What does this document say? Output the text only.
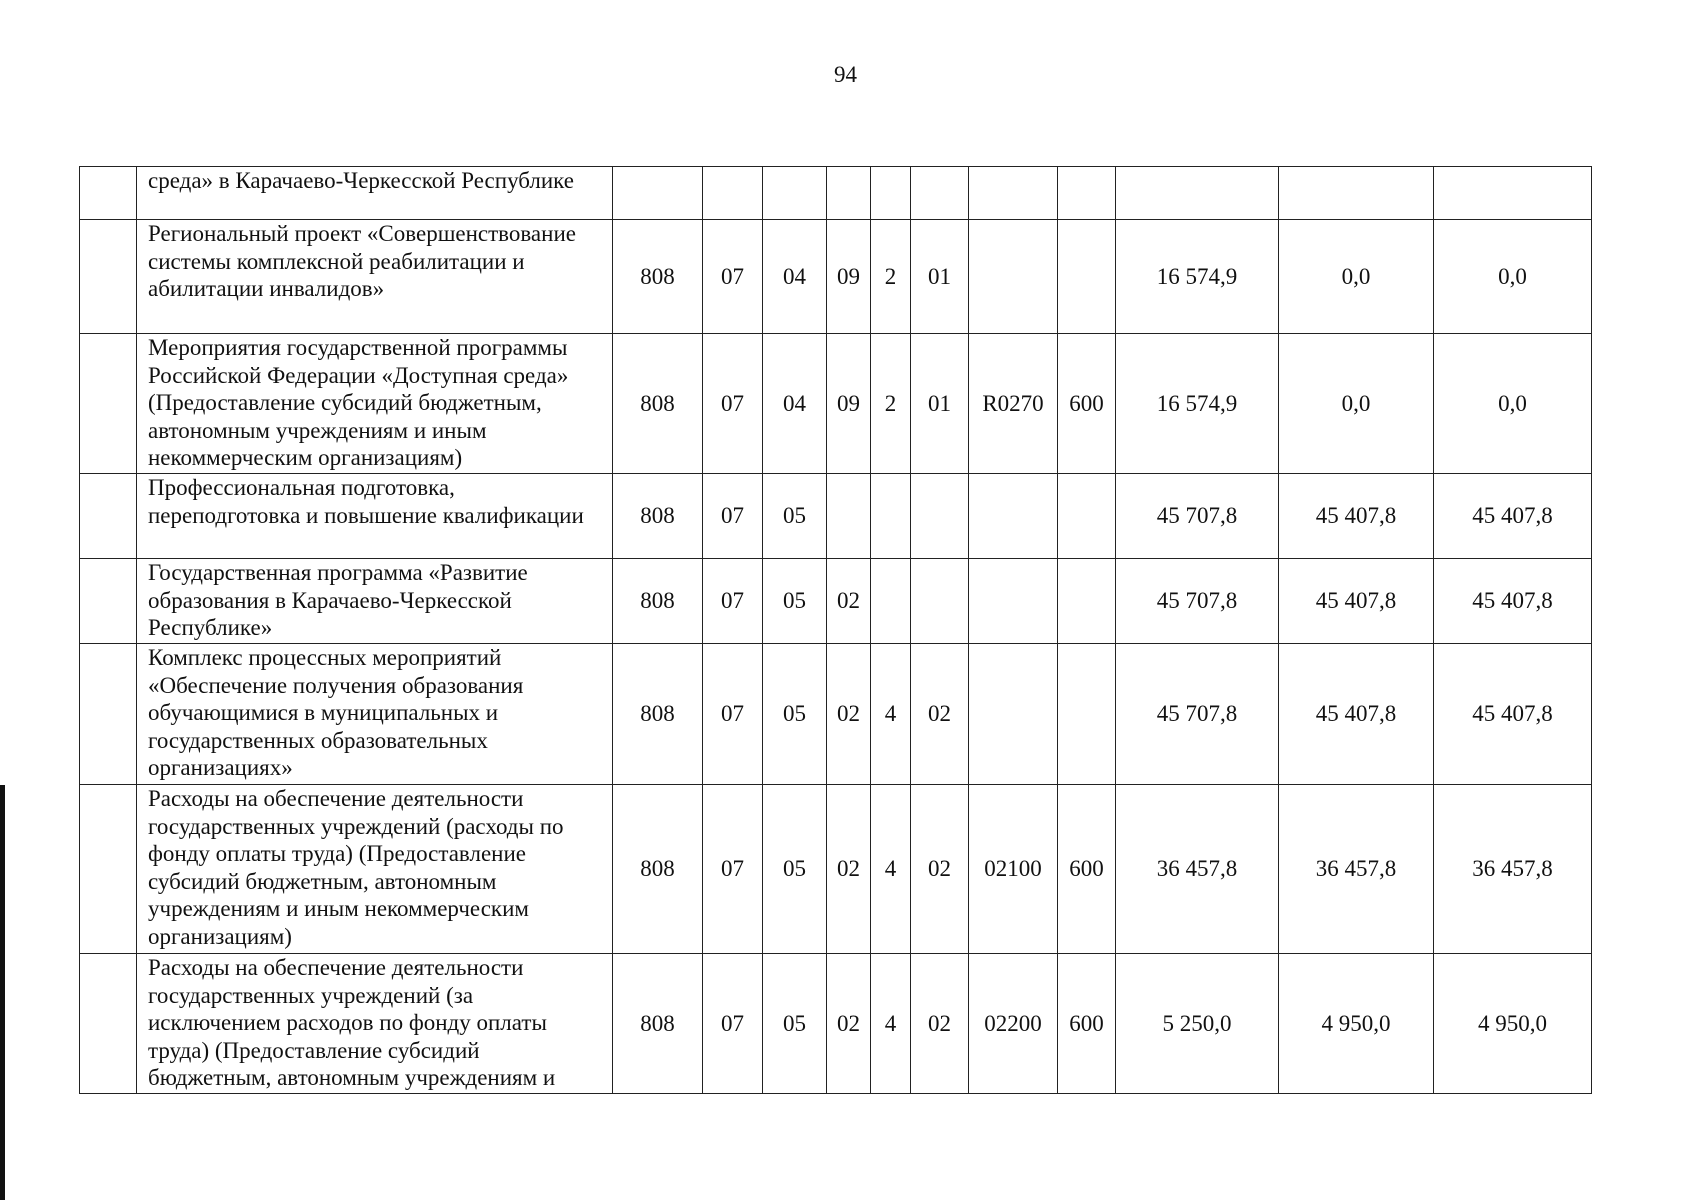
94
	среда» в Карачаево-Черкесской Республике											
	Региональный проект «Совершенствование системы комплексной реабилитации и абилитации инвалидов»	808	07	04	09	2	01			16 574,9	0,0	0,0
	Мероприятия государственной программы Российской Федерации «Доступная среда» (Предоставление субсидий бюджетным, автономным учреждениям и иным некоммерческим организациям)	808	07	04	09	2	01	R0270	600	16 574,9	0,0	0,0
	Профессиональная подготовка, переподготовка и повышение квалификации	808	07	05						45 707,8	45 407,8	45 407,8
	Государственная программа «Развитие образования в Карачаево-Черкесской Республике»	808	07	05	02					45 707,8	45 407,8	45 407,8
	Комплекс процессных мероприятий «Обеспечение получения образования обучающимися в муниципальных и государственных образовательных организациях»	808	07	05	02	4	02			45 707,8	45 407,8	45 407,8
	Расходы на обеспечение деятельности государственных учреждений (расходы по фонду оплаты труда) (Предоставление субсидий бюджетным, автономным учреждениям и иным некоммерческим организациям)	808	07	05	02	4	02	02100	600	36 457,8	36 457,8	36 457,8
	Расходы на обеспечение деятельности государственных учреждений (за исключением расходов по фонду оплаты труда) (Предоставление субсидий бюджетным, автономным учреждениям и	808	07	05	02	4	02	02200	600	5 250,0	4 950,0	4 950,0
